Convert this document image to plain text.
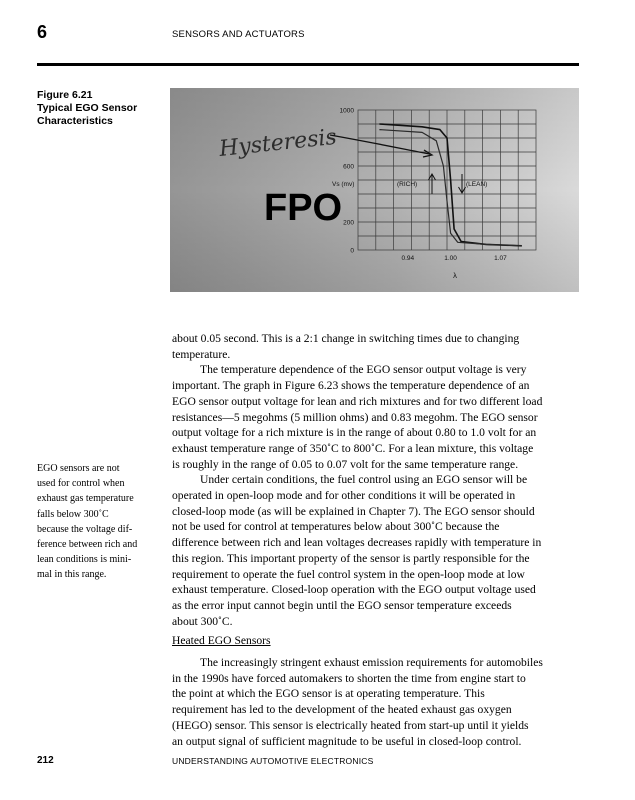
6	SENSORS AND ACTUATORS
Figure 6.21
Typical EGO Sensor
Characteristics
1000
600
200
0
0.94	1.00	1.07
λ
Vs (mv)	(RICH)	(LEAN)
Hysteresis
FPO
EGO sensors are not
used for control when
exhaust gas temperature
falls below 300˚C
because the voltage dif-
ference between rich and
lean conditions is mini-
mal in this range.
about 0.05 second. This is a 2:1 change in switching times due to changing
temperature.
The temperature dependence of the EGO sensor output voltage is very
important. The graph in Figure 6.23 shows the temperature dependence of an
EGO sensor output voltage for lean and rich mixtures and for two different load
resistances—5 megohms (5 million ohms) and 0.83 megohm. The EGO sensor
output voltage for a rich mixture is in the range of about 0.80 to 1.0 volt for an
exhaust temperature range of 350˚C to 800˚C. For a lean mixture, this voltage
is roughly in the range of 0.05 to 0.07 volt for the same temperature range.
Under certain conditions, the fuel control using an EGO sensor will be
operated in open-loop mode and for other conditions it will be operated in
closed-loop mode (as will be explained in Chapter 7). The EGO sensor should
not be used for control at temperatures below about 300˚C because the
difference between rich and lean voltages decreases rapidly with temperature in
this region. This important property of the sensor is partly responsible for the
requirement to operate the fuel control system in the open-loop mode at low
exhaust temperature. Closed-loop operation with the EGO output voltage used
as the error input cannot begin until the EGO sensor temperature exceeds
about 300˚C.
Heated EGO Sensors
The increasingly stringent exhaust emission requirements for automobiles
in the 1990s have forced automakers to shorten the time from engine start to
the point at which the EGO sensor is at operating temperature. This
requirement has led to the development of the heated exhaust gas oxygen
(HEGO) sensor. This sensor is electrically heated from start-up until it yields
an output signal of sufficient magnitude to be useful in closed-loop control.
212	UNDERSTANDING AUTOMOTIVE ELECTRONICS
